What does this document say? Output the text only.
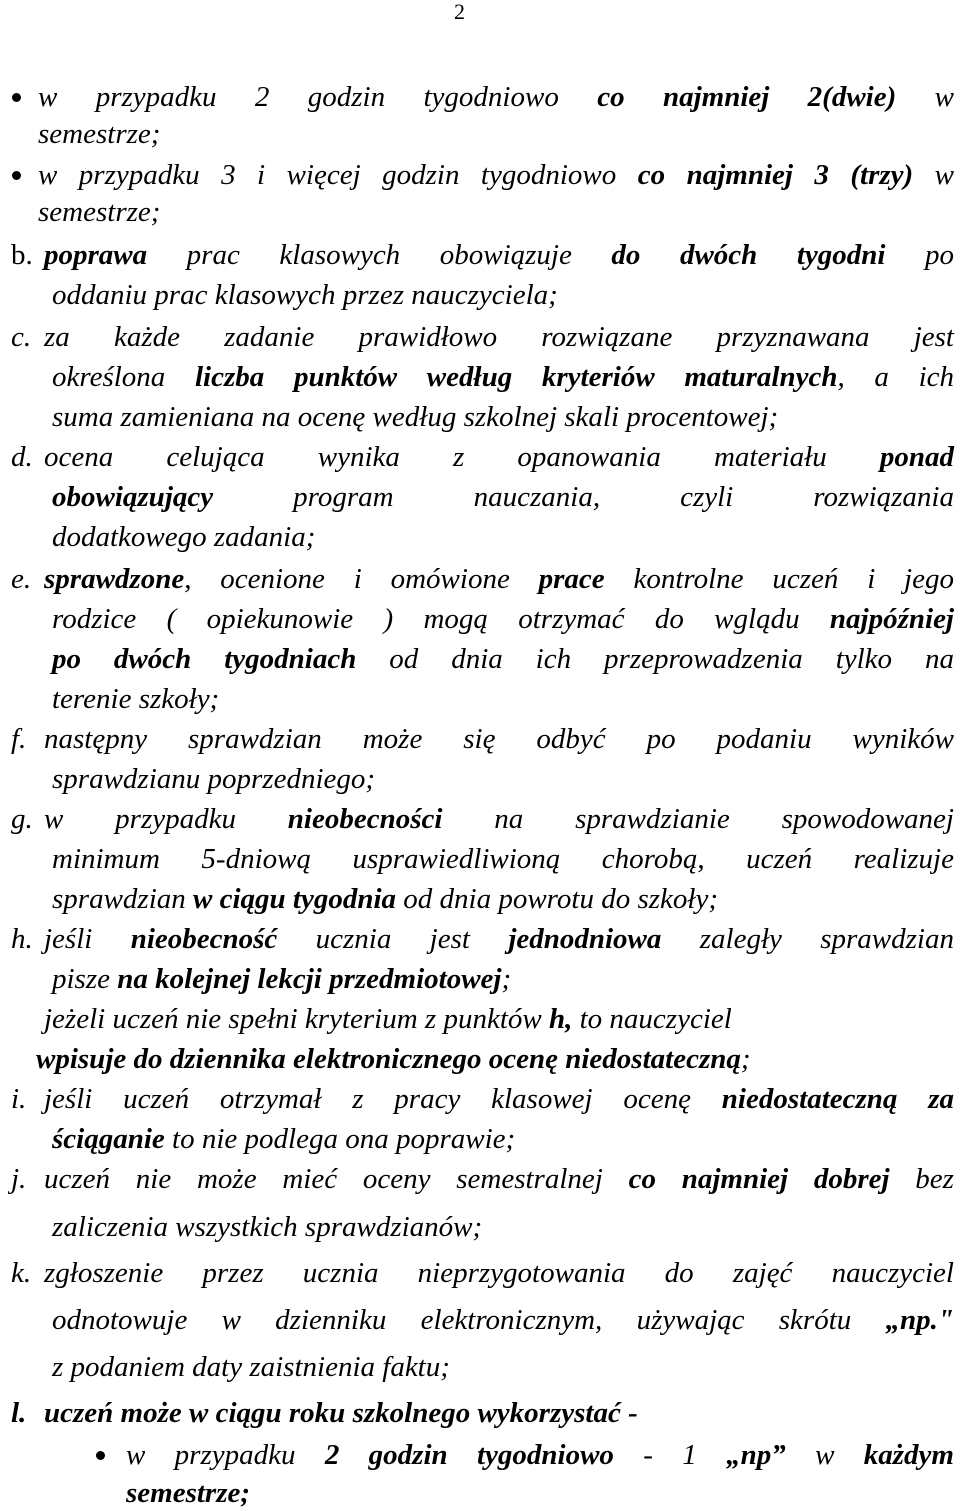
2
w przypadku 2 godzin tygodniowo co najmniej 2(dwie) w
semestrze;
w przypadku 3 i więcej godzin tygodniowo co najmniej 3 (trzy) w
semestrze;
b. poprawa prac klasowych obowiązuje do dwóch tygodni po
oddaniu prac klasowych przez nauczyciela;
c. za każde zadanie prawidłowo rozwiązane przyznawana jest
określona liczba punktów według kryteriów maturalnych, a ich
suma zamieniana na ocenę według szkolnej skali procentowej;
d. ocena celująca wynika z opanowania materiału ponad
obowiązujący program nauczania, czyli rozwiązania
dodatkowego zadania;
e. sprawdzone, ocenione i omówione prace kontrolne uczeń i jego
rodzice ( opiekunowie ) mogą otrzymać do wglądu najpóźniej
po dwóch tygodniach od dnia ich przeprowadzenia tylko na
terenie szkoły;
f. następny sprawdzian może się odbyć po podaniu wyników
sprawdzianu poprzedniego;
g. w przypadku nieobecności na sprawdzianie spowodowanej
minimum 5-dniową usprawiedliwioną chorobą, uczeń realizuje
sprawdzian w ciągu tygodnia od dnia powrotu do szkoły;
h. jeśli nieobecność ucznia jest jednodniowa zaległy sprawdzian
pisze na kolejnej lekcji przedmiotowej;
jeżeli uczeń nie spełni kryterium z punktów h, to nauczyciel
wpisuje do dziennika elektronicznego ocenę niedostateczną;
i. jeśli uczeń otrzymał z pracy klasowej ocenę niedostateczną za
ściąganie to nie podlega ona poprawie;
j. uczeń nie może mieć oceny semestralnej co najmniej dobrej bez
zaliczenia wszystkich sprawdzianów;
k. zgłoszenie przez ucznia nieprzygotowania do zajęć nauczyciel
odnotowuje w dzienniku elektronicznym, używając skrótu „np."
z podaniem daty zaistnienia faktu;
l. uczeń może w ciągu roku szkolnego wykorzystać -
w przypadku 2 godzin tygodniowo - 1 „np” w każdym
semestrze;
